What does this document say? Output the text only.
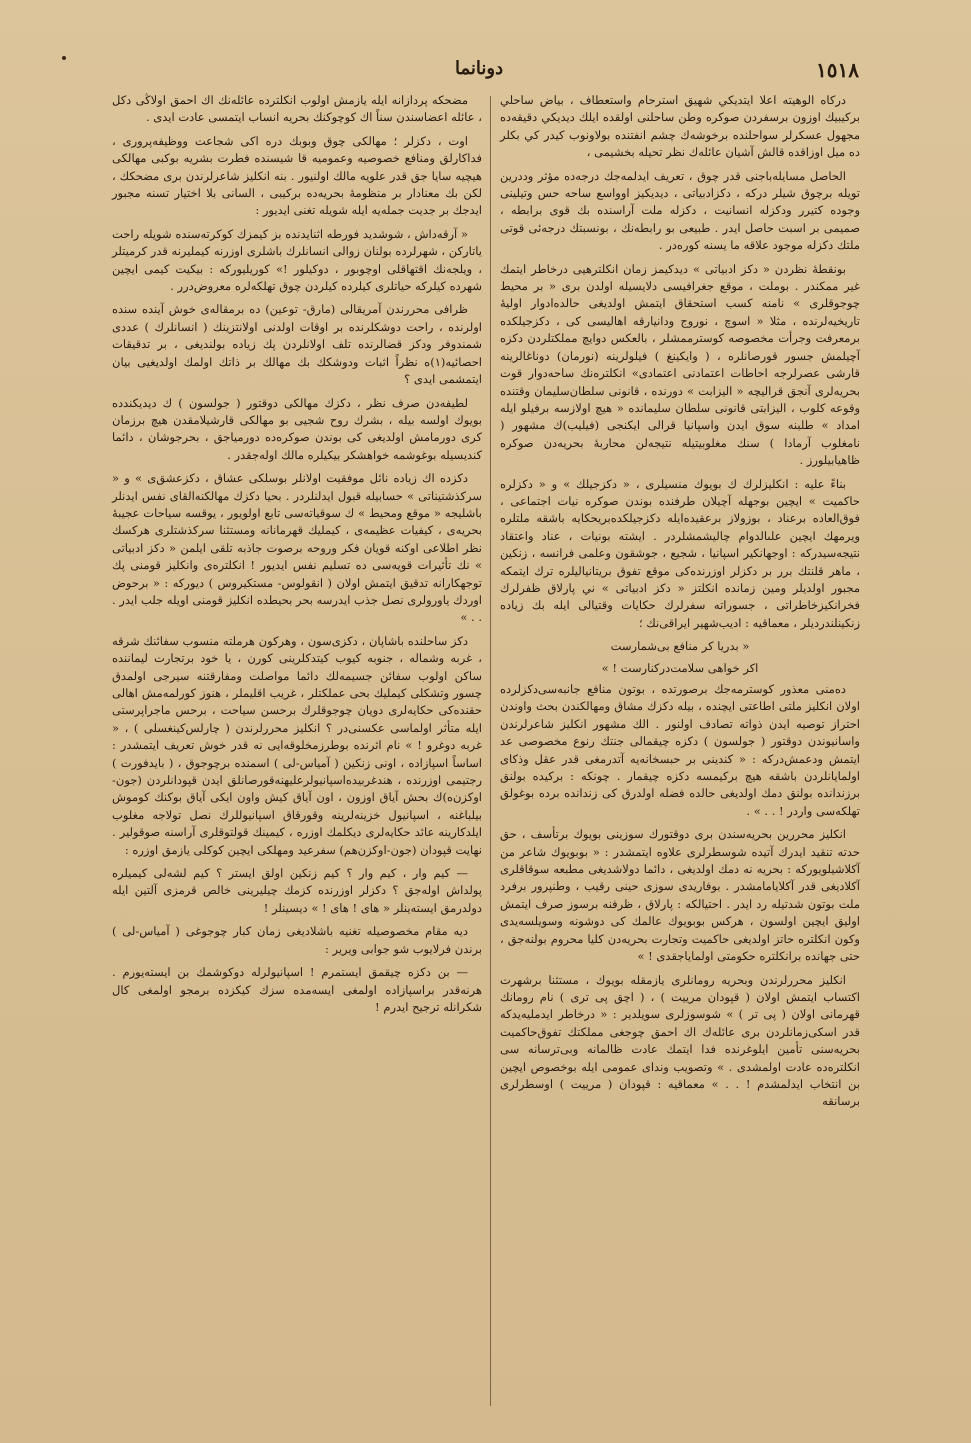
١٥١٨
دونانما

دركاه الوهيته اعلا ايتديكي شهيق استرحام واستعطاف ، بياض ساحلي بركيبيك اوزون برسفردن صوكره وطن ساحلنى اولقده ايلك ديديكي دقيقه‌ده مجهول عسكرلر سواحلنده برخوشه‌ك چشم انفتنده بولاونوب كيدر كي بكلر ده ميل اوزاقده قالش آشيان عائله‌ك نظر تحيله بخشيمى ،

الحاصل مسايله‌باجنى قدر چوق ، تعريف ايدلمه‌جك درجه‌ده مؤثر وددرين تويله برچوق شيلر دركه ، دكزادبياتى ، ديديكيز اوواسع ساحه حس وتيلينى وجوده كتيرر ودكزله انسانيت ، دكزله ملت آراسنده بك قوى برابطه ، صميمى بر اسبت حاصل ايدر . طبيعى بو رابطه‌نك ، بونسبتك درجه‌ئى قوتى ملتك دكزله موجود علاقه ما يسنه كوره‌در .

بونقطهٔ نظردن « دكز ادبياتى » ديدكيمز زمان انكلترهيى درخاطر ايتمك غير ممكندر . بوملت ، موقع جغرافيسى دلايسيله اولدن برى « بر محيط چوجوقلرى » نامنه كسب استحقاق ايتمش اولديغى حالده‌ادوار اولیهٔ تاريخيه‌لرنده ، مثلا « اسوچ ، نوروج ودانيارقه اهاليسى كى ، دكزجيلكده برمعرفت وجرأت مخصوصه كوسترممشلر ، بالعكس دوايچ مملكتلردن دكزه آچيلمش جسور قورصانلره ، ( وایكینغ ) فيلولرينه (نورمان) دوناغالرينه قارشى عصرلرجه احاطات اعتمادنى اعتمادى» انكلتره‌نك ساحه‌دوار قوت بحريه‌لرى آنجق قراليچه « اليزابت » دورنده ، قانونى سلطان‌سليمان وقتنده وقوعه كلوب ، اليزابتى قانونى سلطان سليمانده « هيچ اولازسه برفيلو ايله امداد » طلبنه سوق ايدن واسپانيا قرالى ايكنجى (فيليب)‌ك مشهور ( نامغلوب آرمادا ) سنك مغلوبيتيله نتيجه‌لن محاربهٔ بحريه‌دن صوكره ظاهيابيلورز .

بناءً عليه : انكليزلرك ك بويوك منسيلری ، « دكزجيلك » و « دكزلره حاكميت » ايچين بوجهله آچيلان طرفنده بوندن صوكره نيات اجتماعى ، فوق‌العاده برعناد ، بوزولاز برعقيده‌ايله دكزجيلكده‌بريحكايه باشقه ملتلره ويرمهك ايچين علىالدوام چاليشمشلردر . ايشته بونيات ، عناد واعتقاد نتيجه‌سيدركه : اوجهانكير اسپانيا ، شجيع ، جوشقون وعلمى فرانسه ، زنكين ، ماهر قلنتك برر بر دكزلر اوزرنده‌كى موقع تفوق بريتانياليلره ترك ايتمكه مجبور اولديلر ومين زمانده انكلتز « دكز ادبياتى » ني پارلاق ظفرلرك فخرانكيز‌خاطراتى ، جسوراته سفرلرك حكايات وقتيالى ايله بك زياده زنكينلندرديلر ، معماقيه : اديب‌شهير ايراقى‌نك ؛

« بدريا كر منافع بى‌شمارست

اكر خواهى سلامت‌دركنارست ! »

ده‌منى معذور كوسترمه‌جك برصورتده ، بوتون منافع جانبه‌سى‌دكزلرده اولان انكليز ملتى اطاعتى ايچنده ، بيله دكزك مشاق ومهالكندن بحث واوندن احتراز توصيه ايدن ذواته تصادف اولنور . الك مشهور انكليز شاعرلرندن واسانيوندن دوقتور ( جولسون ) دكزه چيقمالى جنتك رنوع مخصوصى عد ايتمش ودعمش‌دركه : « كندينى بر حبسخانه‌يه آتدرمغى قدر عقل وذكا‌ى اولمايانلردن باشقه هيچ بركيمسه دكزه چيقمار . چونكه : بركيده بولنق برزندانده بولنق دمك اولديغى حالده فضله اولدرق كى زندانده برده بوغولق تهلكه‌سى واردر ! . . » .

انكليز محررين بحريه‌سندن برى دوقتورك سوزينى بويوك برتأسف ، حق حدته تنقيد ايدرك آتيده شوسطرلرى علاوه ايتمشدر : « بوبويوك شاعر من آكلاشيلويوركه : بحريه نه دمك اولديغى ، دائما دولاشديغى مطبعه سوقاقلرى آكلاديغى قدر آكلايامامشدر . بوفاريدى سوزى حينى رقيب ، وطنپرور برفرد ملت بوتون شدتيله رد ايدر . احتيالكه : پارلاق ، ظرفنه برسوز صرف ايتمش اوليق ايچين اولسون ، هركس بوبويوك عالمك كى دوشونه وسويلسه‌يدى وكون انكلتره حاتز اولديغى حاكميت وتجارت بحريه‌دن كليا محروم بولنه‌جق ، حتى جهانده برانكلتره حكومتى اولماياجقدى ! »

انكليز محررلرندن وبحريه رومانلرى يازمقله بويوك ، مستثنا برشهرت اكتساب ايتمش اولان ( قپودان مرييت ) ، ( اچق پى ترى ) نام رومانك قهرمانى اولان ( پى تر ) » شوسوزلرى سويلدير : « درخاطر ايدمليه‌يدكه قدر اسكى‌زمانلردن برى عائله‌ك اك احمق چوجغى مملكتك تفوق‌حاكميت بحريه‌سنى تأمين ايلوغرنده فدا ايتمك عادت ظالمانه وبى‌ترسانه سى انكلتره‌ده عادت اولمشدى . » وتصويب وندای عمومى ايله بوخصوص ايچين بن انتخاب ايدلمشدم ! . . » معماقيه : قپودان ( مرييت ) اوسطرلرى برسانقه‌

مضحكه پردازانه ايله يازمش اولوب انكلترده عائله‌نك اك احمق اولاڭى دكل ، عائله اعضاسندن سناً اك كوچوكنك بحريه انساب ايتمسى عادت ايدى .

اوت ، دكزلر ؛ مهالكى چوق وبوبك دره اكى شجاعت ووظيفه‌پرورى ، فداكارلق ومنافع خصوصيه وعموميه قا شيسنده فطرت بشريه بوكبى مهالكى هيچيه سايا جق قدر علويه مالك اولنيور . بنه انكليز شاعرلرندن برى مضحكك ، لكن بك معنادار بر منظومهٔ بحريه‌ده بركيبى ، السانى بلا اختيار تسنه مجبور ايدجك بر جديت جمله‌يه ايله شويله تغنى ايديور :

« آرقه‌داش ، شوشديد فورطه اثنايدنده بز كيمزك كوكرته‌سنده شويله راحت ياتاركن ، شهرلرده بولنان زوالى انسانلرك باشلرى اوزرنه كيمليرنه قدر كرميتلر ، ويلجه‌نك اقتهاقلى اوچوبور ، دوكيلور !» كوريليوركه : بيكيت كيمى ايچين شهرده كيلركه حياتلرى كيلرده كيلردن چوق تهلكه‌لره معروض‌درر .

ظرافى محررندن آمريقالى (مارق- توعين) ده برمقاله‌ى خوش آينده سنده اولرنده ، راحت دوشكلرنده بر اوقات اولدنى اولانتزينك ( انسانلرك ) عددى شمندوفر ودكز قضالرنده تلف اولانلردن پك زياده بولنديغى ، بر تدقيقات احصائيه(١)‌ه نظراً اثبات ودوشكك بك مهالك بر ذاتك اولمك اولديغيى بيان ايتمشمى ايدى ؟

لطيفه‌دن صرف نظر ، دكزك مهالكى دوقتور ( جولسون ) ك ديديكندده بويوك اولسه بيله ، بشرك روح شجيى بو مهالكى قارشيلامقدن هيچ برزمان كرى دورمامش اولديغى كى بوندن صوكره‌ده دورمياجق ، بحرجوشان ، دائما كنديسيله بوغوشمه خواهشكر بيكيلره مالك اوله‌جقدر .

دكزده اك زياده نائل موفقيت اولانلر بوسلكى عشاق ، دكزعشق‌ى » و « سركذشتيناتى » حسابيله قبول ايدلنلردر . بحيا دكزك مهالكنه‌القاى نفس ايدنلر باشليجه « موقع ومحيط » ك سوقياته‌سى تابع اولويور ، يوقسه سياحات عجيبهٔ بحريه‌ى ، كيفيات عظيمه‌ى ، كيمليك قهرمانانه ومستثنا سركذشتلرى هركسك نظر اطلاعى اوكنه قويان فكر وروحه برصوت جاذبه تلقى ايلمن « دكز ادبياتى » نك تأثيرات قويه‌سى ده تسليم نفس ايديور ! انكلتره‌ى وانكليز قومنى پك توجهكارانه تدقيق ايتمش اولان ( انقولوس- مستكيروس ) ديوركه : « برحوض اوردك ياورولرى نصل جذب ايدرسه بحر بحيطده انكليز قومنى اويله جلب ايدر . . . »

دكز ساحلنده باشاپان ، دكزى‌سون ، وهركون هرملته منسوب سفائنك شرقه ، غربه وشماله ، جنوبه كيوب كيتدكلرينى كورن ، يا خود برتجارت ليماننده ساكن اولوب سفائن جسيمه‌لك دائما مواصلت ومفارقتنه سيرجى اولمدق چسور وتشكلى كيمليك بحى عملكتلر ، غريب اقليملر ، هنوز كورلمه‌مش اهالى حقنده‌كى حكايه‌لرى دويان چوجوقلرك برحسن سياحت ، برحس ماجراپرستى ايله متأثر اولماسى عكسنى‌در ؟ انكليز محررلرندن ( چارلس‌كينغسلى ) ، « غربه دوغرو ! » نام اثرنده بوطرزمخلوقه‌ايى نه قدر خوش تعريف ايتمشدر : اساساً اسپازاده ، اونى زنكين ( آمیاس-لى ) اسمنده برچوجوق ، ( بايدفورت ) رجتيمى اوزرنده ، هندغربيده‌اسپانيولرعليهنه‌قورصانلق ايدن قپودانلردن (جون-اوكزن‌ه)ك بحش آياق اوزون ، اون آياق كيش واون ايكى آياق بوكنك كوموش بيلباغنه ، اسپانيول خزينه‌لرينه وقورقاق اسپانيوللرك نصل تولاجه مغلوب ايلدكارينه عائد حكايه‌لرى ديكلمك اوزره ، كيمينك قولتوقلرى آراسنه صوقولير . نهايت قپودان (جون-اوكزن‌هم) سفرعيد ومهلكى ايچين كوكلى يازمق اوزره :

— كيم وار ، كيم وار ؟ كيم زنكين اولق ايستر ؟ كيم لشه‌لى كيميلره پولداش اوله‌جق ؟ دكزلر اوزرنده كزمك چيليرينى خالص قرمزى آلتين ايله دولدرمق ايسته‌ينلر « هاى ! هاى ! » ديسينلر !

ديه مقام مخصوصيله تغنيه باشلاديغى زمان كبار چوجوغى ( آمیاس-لى ) برندن فرلايوب شو جوابى ويرير :

— بن دكزه چيقمق ايستمرم ! اسپانيولرله دوكوشمك بن ايسته‌يورم . هرنه‌قدر براسپازاده اولمغى ايسه‌مده سزك كيكزده برمجو اولمغى كال شكرانله ترجيح ايدرم !
